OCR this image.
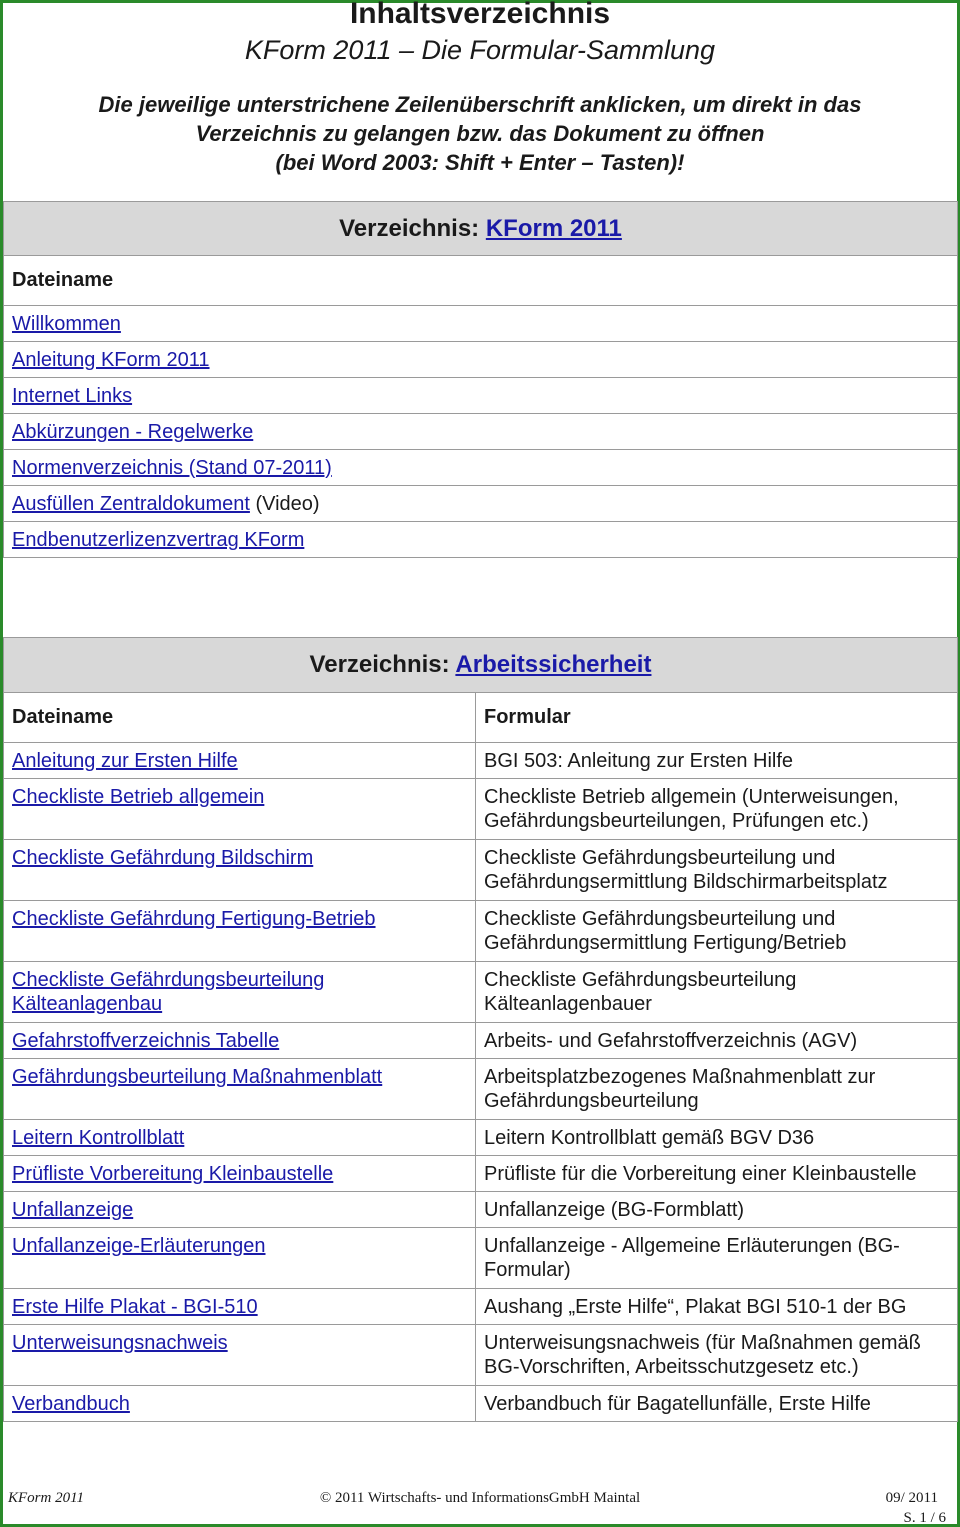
Inhaltsverzeichnis
KForm 2011 – Die Formular-Sammlung
Die jeweilige unterstrichene Zeilenüberschrift anklicken, um direkt in das
Verzeichnis zu gelangen bzw. das Dokument zu öffnen
(bei Word 2003: Shift + Enter – Tasten)!
Verzeichnis: KForm 2011
Dateiname
Willkommen
Anleitung KForm 2011
Internet Links
Abkürzungen - Regelwerke
Normenverzeichnis (Stand 07-2011)
Ausfüllen Zentraldokument (Video)
Endbenutzerlizenzvertrag KForm
Verzeichnis: Arbeitssicherheit	
Dateiname	Formular
Anleitung zur Ersten Hilfe	BGI 503: Anleitung zur Ersten Hilfe
Checkliste Betrieb allgemein	Checkliste Betrieb allgemein (Unterweisungen, Gefährdungsbeurteilungen, Prüfungen etc.)
Checkliste Gefährdung Bildschirm	Checkliste Gefährdungsbeurteilung und Gefährdungsermittlung Bildschirmarbeitsplatz
Checkliste Gefährdung Fertigung-Betrieb	Checkliste Gefährdungsbeurteilung und Gefährdungsermittlung Fertigung/Betrieb
Checkliste Gefährdungsbeurteilung Kälteanlagenbau	Checkliste Gefährdungsbeurteilung Kälteanlagenbauer
Gefahrstoffverzeichnis Tabelle	Arbeits- und Gefahrstoffverzeichnis (AGV)
Gefährdungsbeurteilung Maßnahmenblatt	Arbeitsplatzbezogenes Maßnahmenblatt zur Gefährdungsbeurteilung
Leitern Kontrollblatt	Leitern Kontrollblatt gemäß BGV D36
Prüfliste Vorbereitung Kleinbaustelle	Prüfliste für die Vorbereitung einer Kleinbaustelle
Unfallanzeige	Unfallanzeige (BG-Formblatt)
Unfallanzeige-Erläuterungen	Unfallanzeige - Allgemeine Erläuterungen (BG-Formular)
Erste Hilfe Plakat - BGI-510	Aushang „Erste Hilfe“, Plakat BGI 510-1 der BG
Unterweisungsnachweis	Unterweisungsnachweis (für Maßnahmen gemäß BG-Vorschriften, Arbeitsschutzgesetz etc.)
Verbandbuch	Verbandbuch für Bagatellunfälle, Erste Hilfe
KForm 2011	© 2011 Wirtschafts- und InformationsGmbH Maintal	09/ 2011
S. 1 / 6
